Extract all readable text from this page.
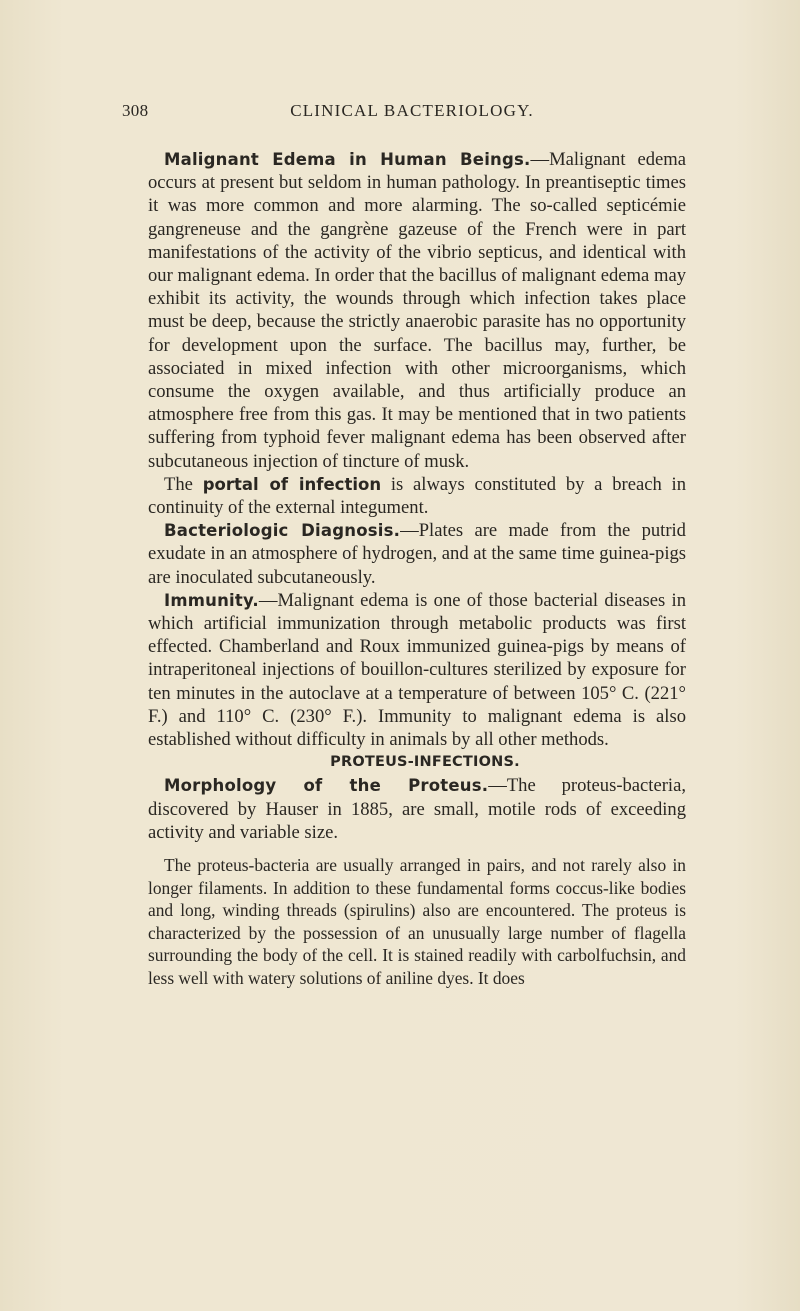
308	CLINICAL BACTERIOLOGY.

Malignant Edema in Human Beings.—Malignant edema occurs at present but seldom in human pathology. In preantiseptic times it was more common and more alarming. The so-called septicémie gangreneuse and the gangrène gazeuse of the French were in part manifestations of the activity of the vibrio septicus, and identical with our malignant edema. In order that the bacillus of malignant edema may exhibit its activity, the wounds through which infection takes place must be deep, because the strictly anaerobic parasite has no opportunity for development upon the surface. The bacillus may, further, be associated in mixed infection with other microorganisms, which consume the oxygen available, and thus artificially produce an atmosphere free from this gas. It may be mentioned that in two patients suffering from typhoid fever malignant edema has been observed after subcutaneous injection of tincture of musk.

The portal of infection is always constituted by a breach in continuity of the external integument.

Bacteriologic Diagnosis.—Plates are made from the putrid exudate in an atmosphere of hydrogen, and at the same time guinea-pigs are inoculated subcutaneously.

Immunity.—Malignant edema is one of those bacterial diseases in which artificial immunization through metabolic products was first effected. Chamberland and Roux immunized guinea-pigs by means of intraperitoneal injections of bouillon-cultures sterilized by exposure for ten minutes in the autoclave at a temperature of between 105° C. (221° F.) and 110° C. (230° F.). Immunity to malignant edema is also established without difficulty in animals by all other methods.

PROTEUS-INFECTIONS.

Morphology of the Proteus.—The proteus-bacteria, discovered by Hauser in 1885, are small, motile rods of exceeding activity and variable size.

The proteus-bacteria are usually arranged in pairs, and not rarely also in longer filaments. In addition to these fundamental forms coccus-like bodies and long, winding threads (spirulins) also are encountered. The proteus is characterized by the possession of an unusually large number of flagella surrounding the body of the cell. It is stained readily with carbolfuchsin, and less well with watery solutions of aniline dyes. It does
